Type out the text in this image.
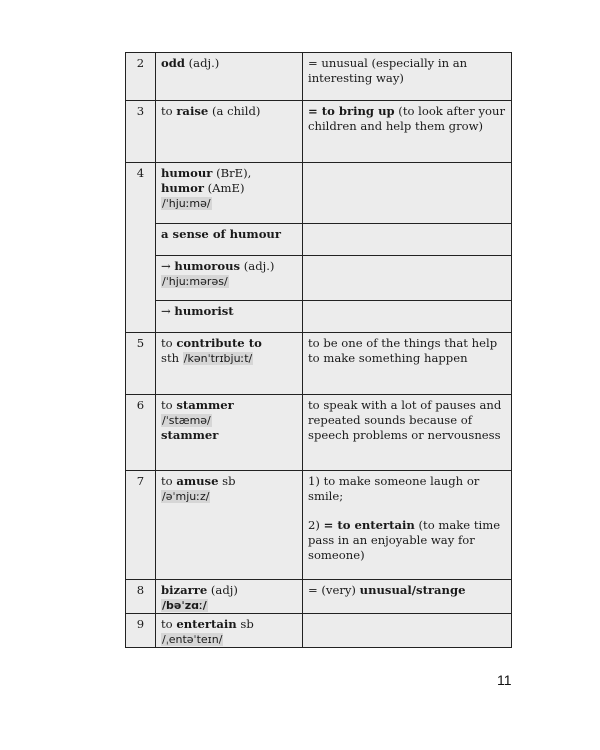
2	odd (adj.)	= unusual (especially in an interesting way)
3	to raise (a child)	= to bring up (to look after your children and help them grow)
4	humour (BrE),
humor (AmE)
/ˈhjuːmə/	
	a sense of humour	
	→ humorous (adj.)
/ˈhjuːmərəs/	
	→ humorist	
5	to contribute to
sth /kənˈtrɪbjuːt/	to be one of the things that help to make something happen
6	to stammer
/ˈstæmə/
stammer	to speak with a lot of pauses and repeated sounds because of speech problems or nervousness
7	to amuse sb
/əˈmjuːz/	1) to make someone laugh or smile;
2) = to entertain (to make time pass in an enjoyable way for someone)
8	bizarre (adj)
/bəˈzɑː/	= (very) unusual/strange
9	to entertain sb
/ˌentəˈteɪn/	
11
